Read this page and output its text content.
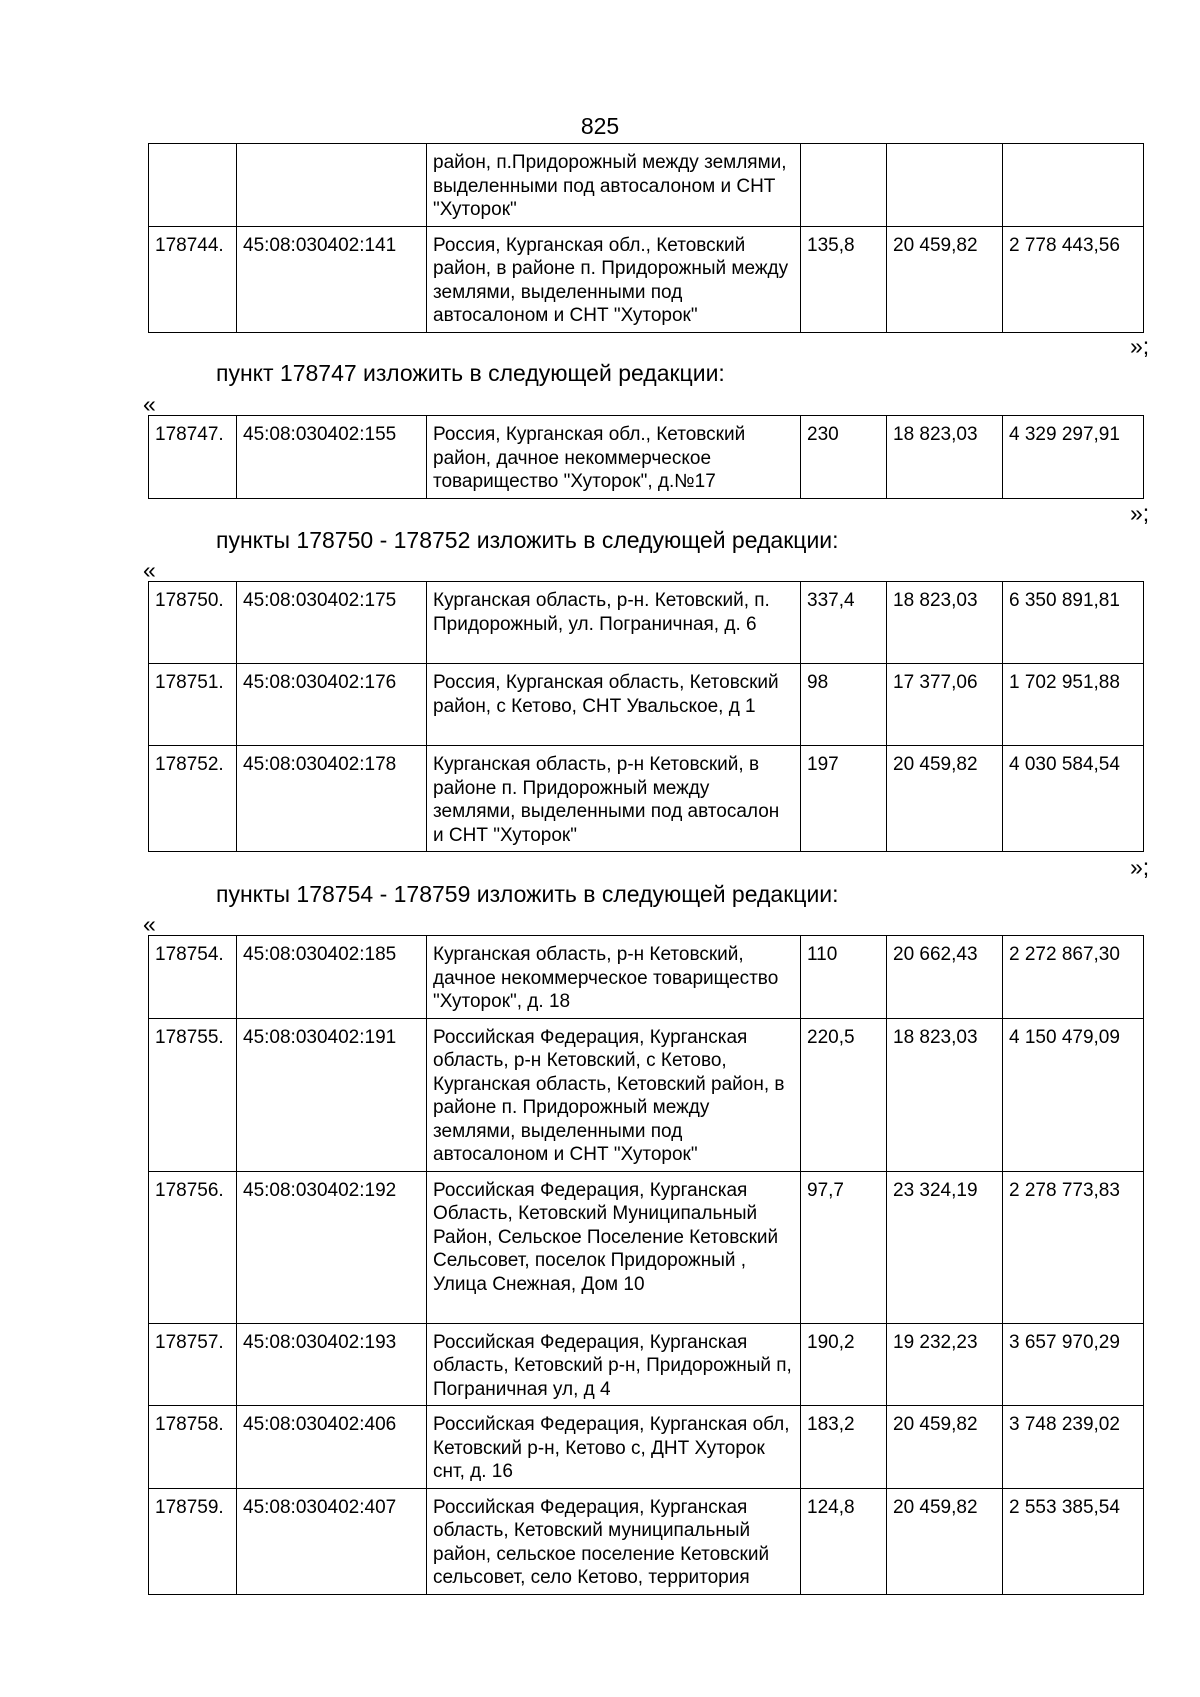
825
		район, п.Придорожный между землями, выделенными под автосалоном и СНТ "Хуторок"			
178744.	45:08:030402:141	Россия, Курганская обл., Кетовский район, в районе п. Придорожный между землями, выделенными под автосалоном и СНТ "Хуторок"	135,8	20 459,82	2 778 443,56
»;
пункт 178747 изложить в следующей редакции:
«
178747.	45:08:030402:155	Россия, Курганская обл., Кетовский район, дачное некоммерческое товарищество "Хуторок", д.№17	230	18 823,03	4 329 297,91
»;
пункты 178750 - 178752 изложить в следующей редакции:
«
178750.	45:08:030402:175	Курганская область, р-н. Кетовский, п. Придорожный, ул. Пограничная, д. 6	337,4	18 823,03	6 350 891,81
178751.	45:08:030402:176	Россия, Курганская область, Кетовский район, с Кетово, СНТ Увальское, д 1	98	17 377,06	1 702 951,88
178752.	45:08:030402:178	Курганская область, р-н Кетовский, в районе п. Придорожный между землями, выделенными под автосалон и СНТ "Хуторок"	197	20 459,82	4 030 584,54
»;
пункты 178754 - 178759 изложить в следующей редакции:
«
178754.	45:08:030402:185	Курганская область, р-н Кетовский, дачное некоммерческое товарищество "Хуторок", д. 18	110	20 662,43	2 272 867,30
178755.	45:08:030402:191	Российская Федерация, Курганская область, р-н Кетовский, с Кетово, Курганская область, Кетовский район, в районе п. Придорожный между землями, выделенными под автосалоном и СНТ "Хуторок"	220,5	18 823,03	4 150 479,09
178756.	45:08:030402:192	Российская Федерация, Курганская Область, Кетовский Муниципальный Район, Сельское Поселение Кетовский Сельсовет, поселок Придорожный , Улица Снежная, Дом 10	97,7	23 324,19	2 278 773,83
178757.	45:08:030402:193	Российская Федерация, Курганская область, Кетовский р-н, Придорожный п, Пограничная ул, д 4	190,2	19 232,23	3 657 970,29
178758.	45:08:030402:406	Российская Федерация, Курганская обл, Кетовский р-н, Кетово с, ДНТ Хуторок снт, д. 16	183,2	20 459,82	3 748 239,02
178759.	45:08:030402:407	Российская Федерация, Курганская область, Кетовский муниципальный район, сельское поселение Кетовский сельсовет, село Кетово, территория	124,8	20 459,82	2 553 385,54
